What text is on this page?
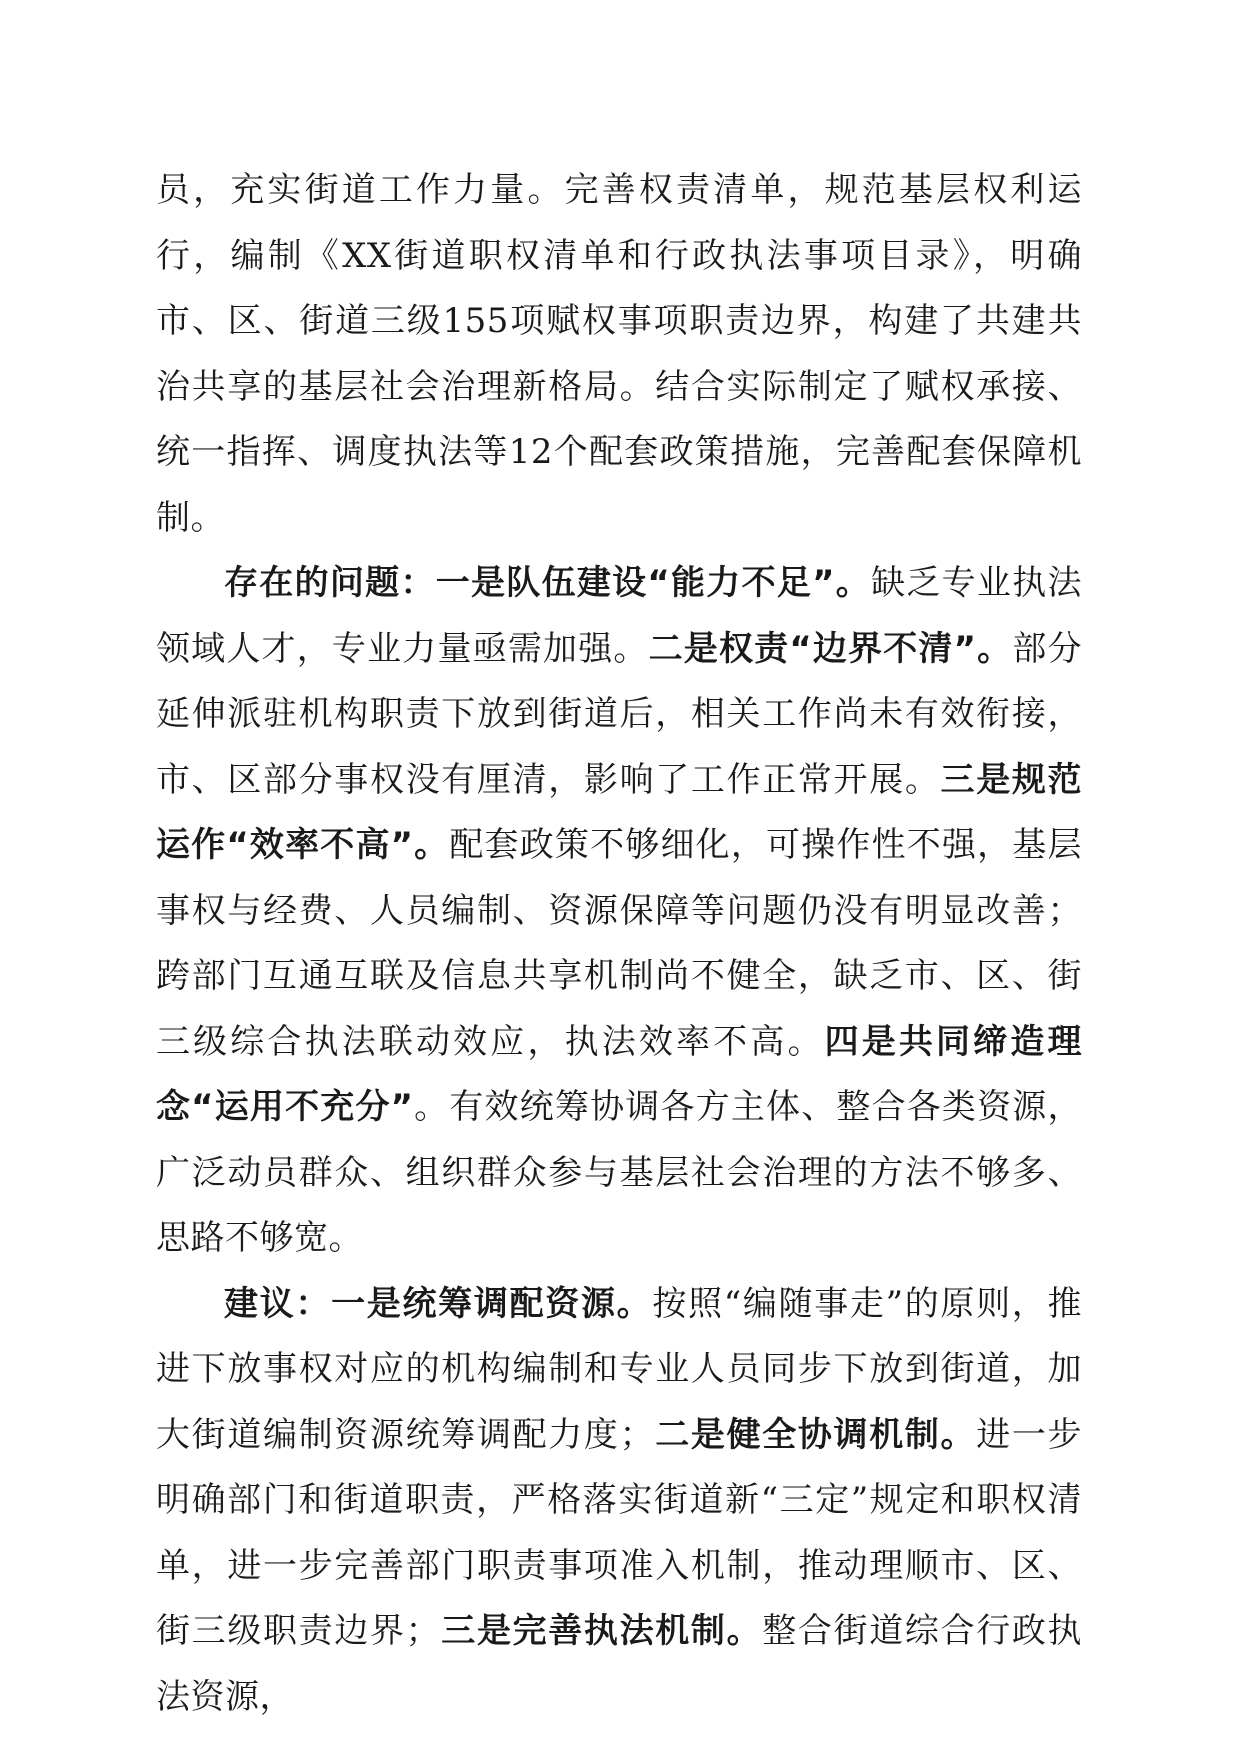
员，充实街道工作力量。完善权责清单，规范基层权利运行，编制《XX街道职权清单和行政执法事项目录》，明确市、区、街道三级155项赋权事项职责边界，构建了共建共治共享的基层社会治理新格局。结合实际制定了赋权承接、统一指挥、调度执法等12个配套政策措施，完善配套保障机制。

存在的问题：一是队伍建设“能力不足”。缺乏专业执法领域人才，专业力量亟需加强。二是权责“边界不清”。部分延伸派驻机构职责下放到街道后，相关工作尚未有效衔接，市、区部分事权没有厘清，影响了工作正常开展。三是规范运作“效率不高”。配套政策不够细化，可操作性不强，基层事权与经费、人员编制、资源保障等问题仍没有明显改善；跨部门互通互联及信息共享机制尚不健全，缺乏市、区、街三级综合执法联动效应，执法效率不高。四是共同缔造理念“运用不充分”。有效统筹协调各方主体、整合各类资源，广泛动员群众、组织群众参与基层社会治理的方法不够多、思路不够宽。

建议：一是统筹调配资源。按照“编随事走”的原则，推进下放事权对应的机构编制和专业人员同步下放到街道，加大街道编制资源统筹调配力度；二是健全协调机制。进一步明确部门和街道职责，严格落实街道新“三定”规定和职权清单，进一步完善部门职责事项准入机制，推动理顺市、区、街三级职责边界；三是完善执法机制。整合街道综合行政执法资源，
